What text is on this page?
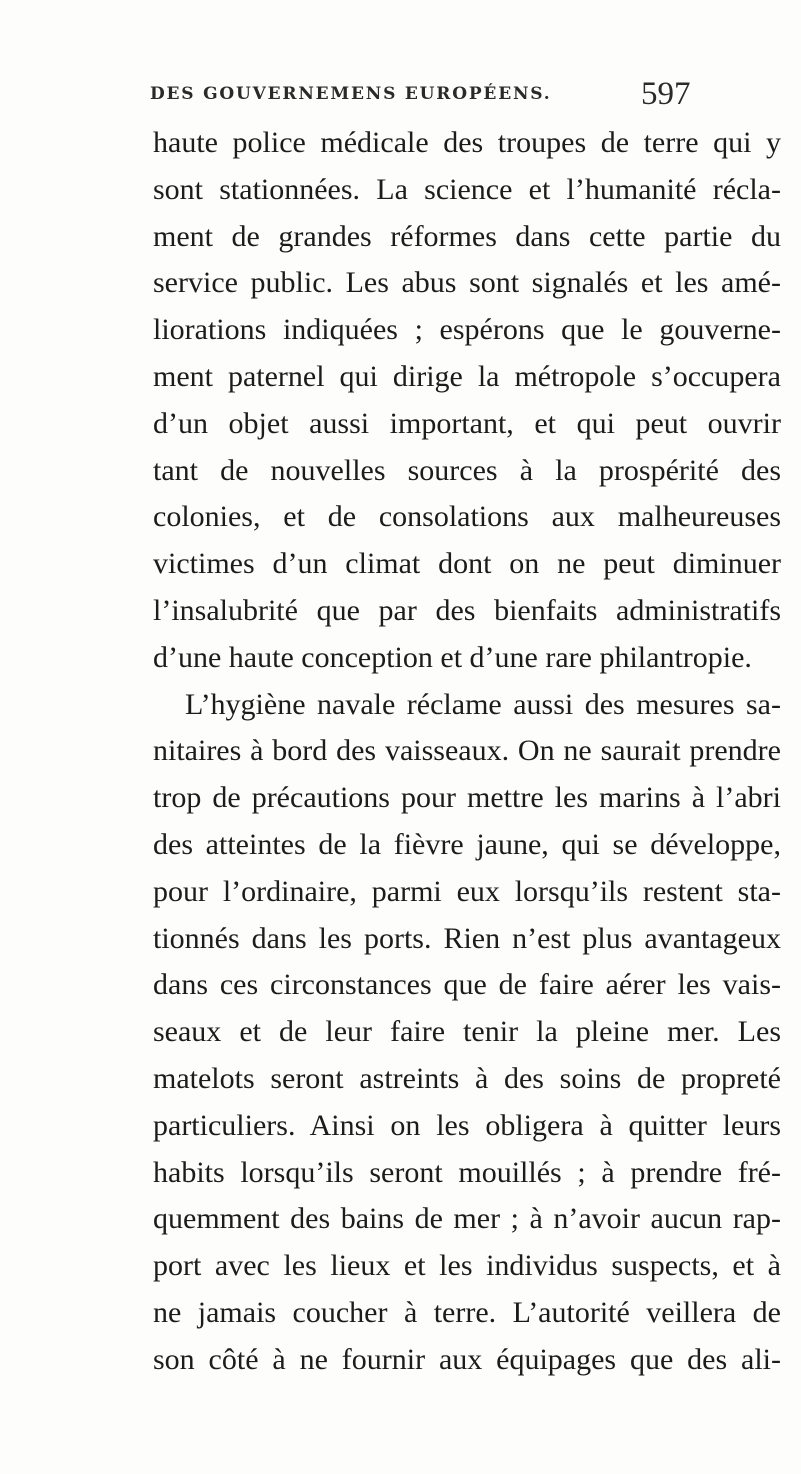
DES GOUVERNEMENS EUROPÉENS.	597
haute police médicale des troupes de terre qui y
sont stationnées. La science et l’humanité récla-
ment de grandes réformes dans cette partie du
service public. Les abus sont signalés et les amé-
liorations indiquées ; espérons que le gouverne-
ment paternel qui dirige la métropole s’occupera
d’un objet aussi important, et qui peut ouvrir
tant de nouvelles sources à la prospérité des
colonies, et de consolations aux malheureuses
victimes d’un climat dont on ne peut diminuer
l’insalubrité que par des bienfaits administratifs
d’une haute conception et d’une rare philantropie.
L’hygiène navale réclame aussi des mesures sa-
nitaires à bord des vaisseaux. On ne saurait prendre
trop de précautions pour mettre les marins à l’abri
des atteintes de la fièvre jaune, qui se développe,
pour l’ordinaire, parmi eux lorsqu’ils restent sta-
tionnés dans les ports. Rien n’est plus avantageux
dans ces circonstances que de faire aérer les vais-
seaux et de leur faire tenir la pleine mer. Les
matelots seront astreints à des soins de propreté
particuliers. Ainsi on les obligera à quitter leurs
habits lorsqu’ils seront mouillés ; à prendre fré-
quemment des bains de mer ; à n’avoir aucun rap-
port avec les lieux et les individus suspects, et à
ne jamais coucher à terre. L’autorité veillera de
son côté à ne fournir aux équipages que des ali-
